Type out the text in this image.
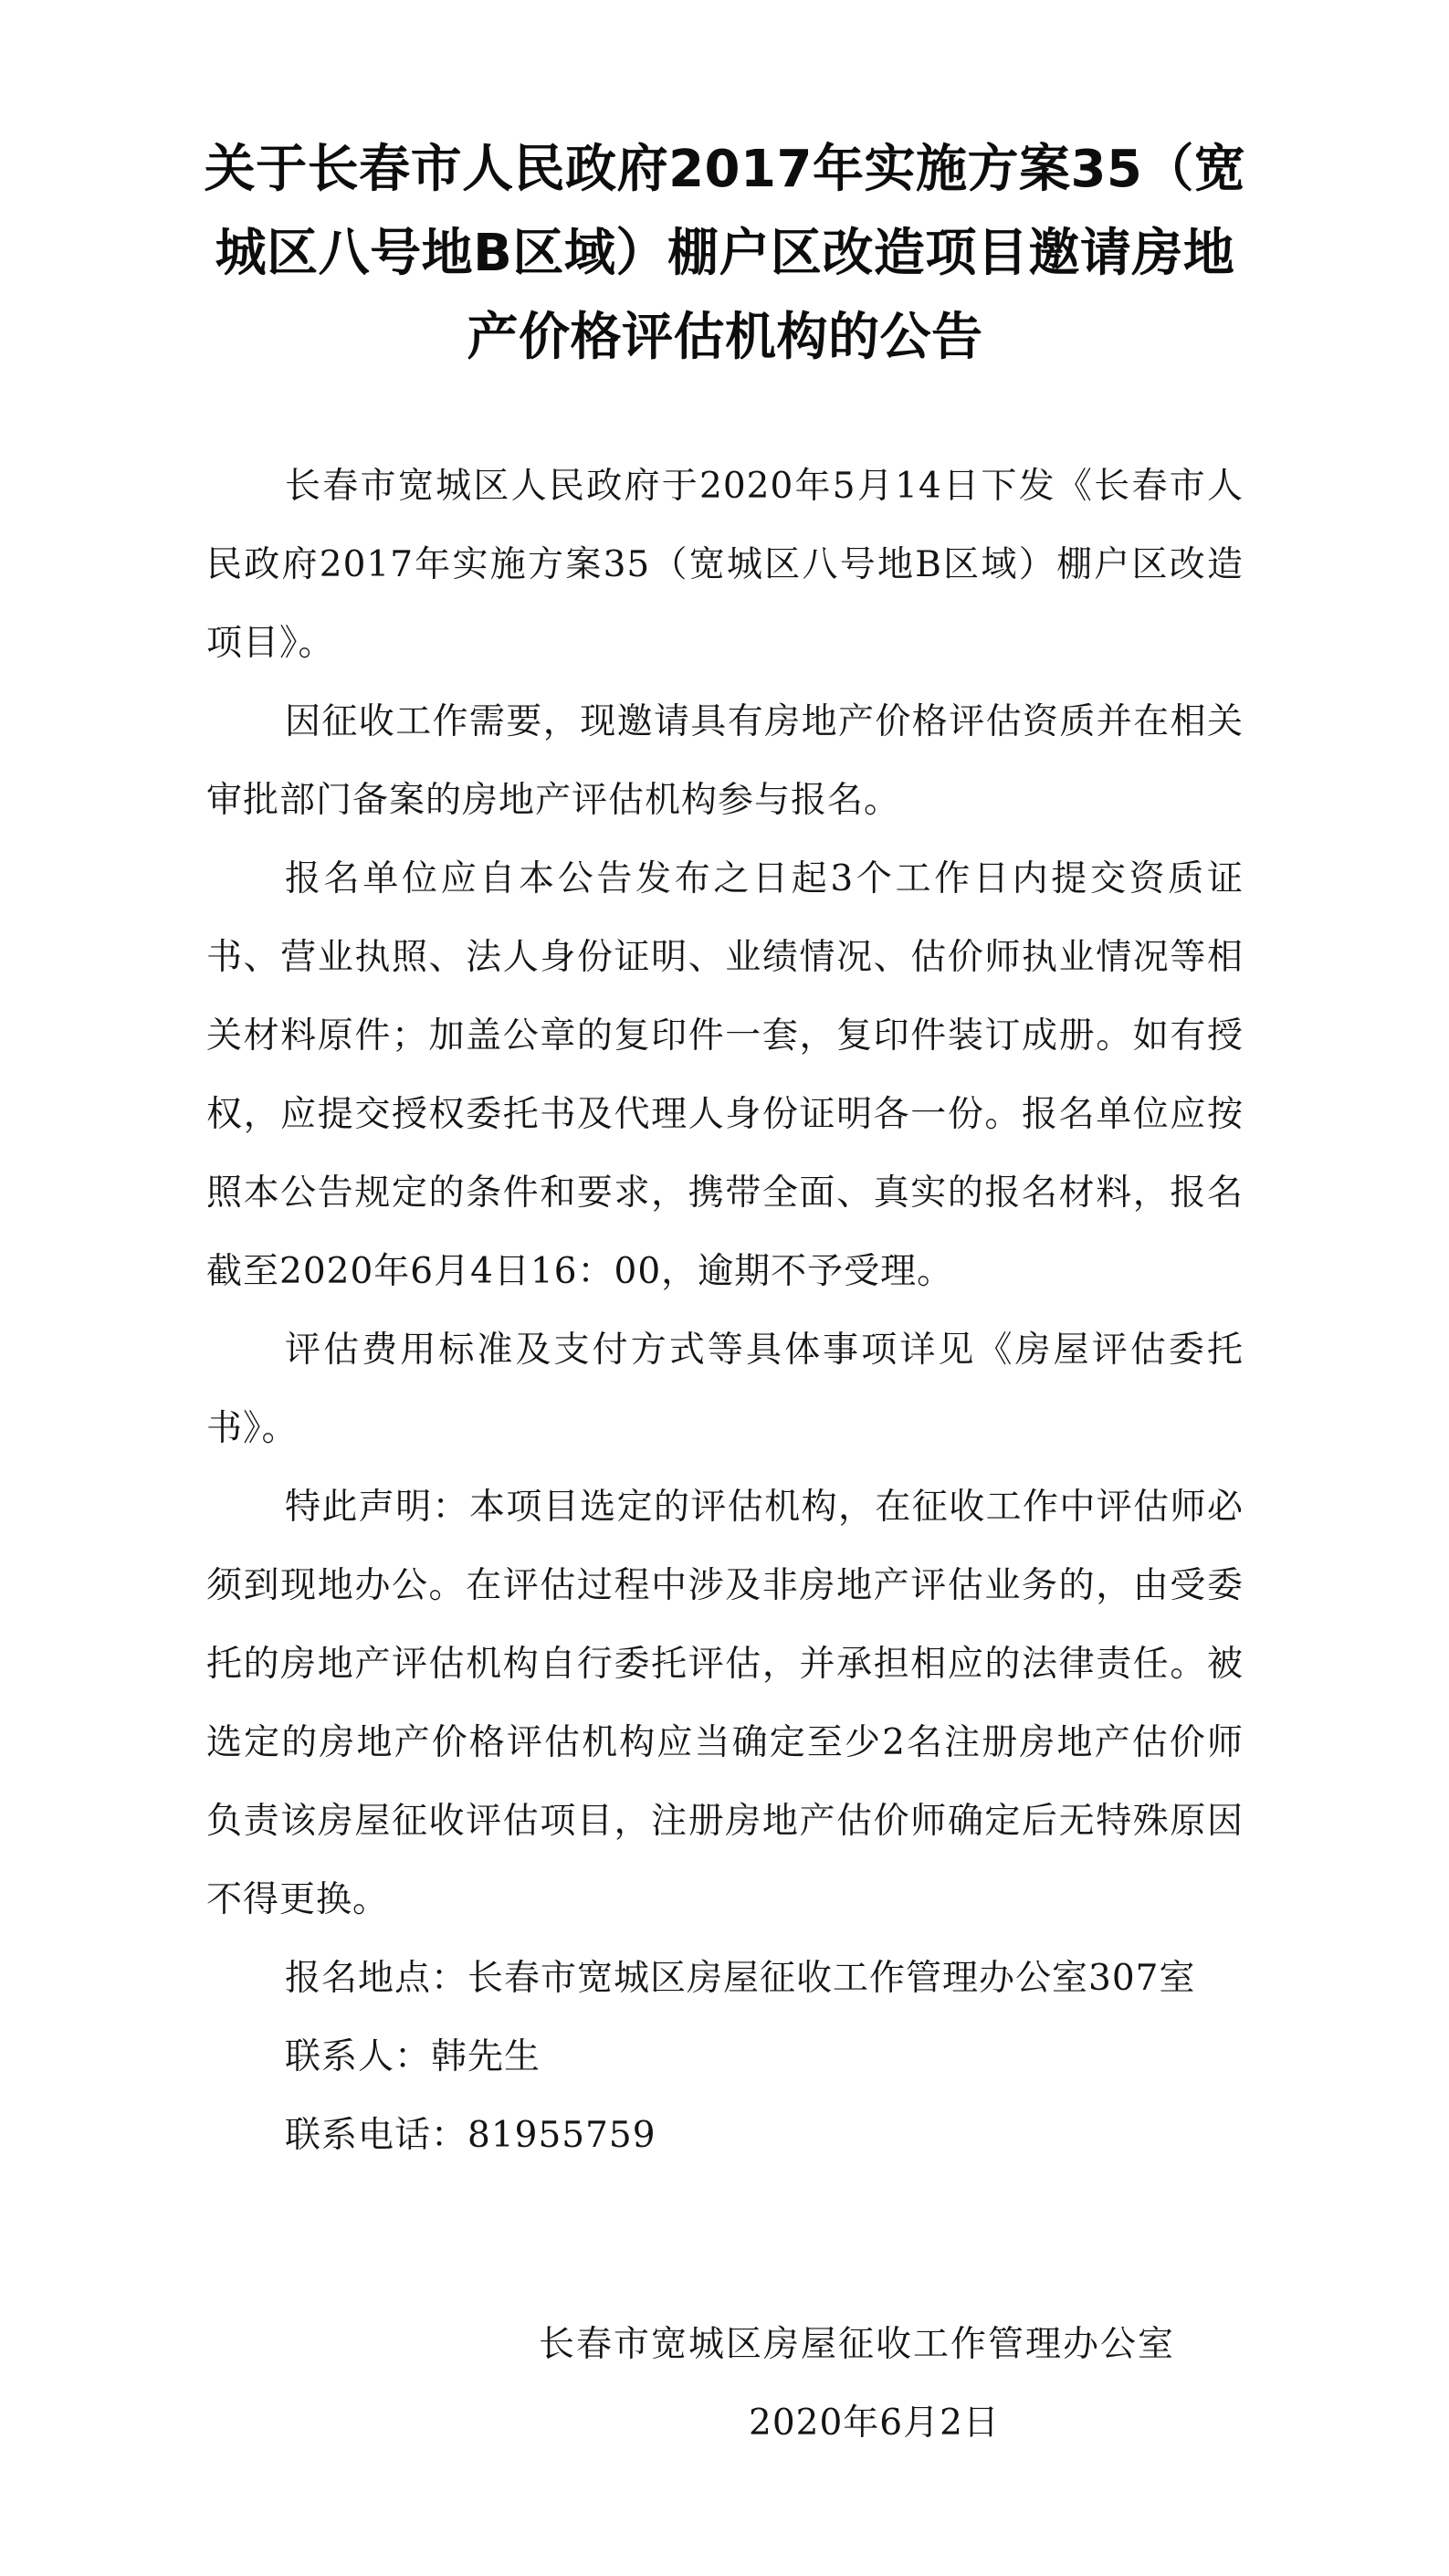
关于长春市人民政府2017年实施方案35（宽城区八号地B区域）棚户区改造项目邀请房地产价格评估机构的公告

长春市宽城区人民政府于2020年5月14日下发《长春市人民政府2017年实施方案35（宽城区八号地B区域）棚户区改造项目》。

因征收工作需要，现邀请具有房地产价格评估资质并在相关审批部门备案的房地产评估机构参与报名。

报名单位应自本公告发布之日起3个工作日内提交资质证书、营业执照、法人身份证明、业绩情况、估价师执业情况等相关材料原件；加盖公章的复印件一套，复印件装订成册。如有授权，应提交授权委托书及代理人身份证明各一份。报名单位应按照本公告规定的条件和要求，携带全面、真实的报名材料，报名截至2020年6月4日16：00，逾期不予受理。

评估费用标准及支付方式等具体事项详见《房屋评估委托书》。

特此声明：本项目选定的评估机构，在征收工作中评估师必须到现地办公。在评估过程中涉及非房地产评估业务的，由受委托的房地产评估机构自行委托评估，并承担相应的法律责任。被选定的房地产价格评估机构应当确定至少2名注册房地产估价师负责该房屋征收评估项目，注册房地产估价师确定后无特殊原因不得更换。

报名地点：长春市宽城区房屋征收工作管理办公室307室

联系人：韩先生

联系电话：81955759

长春市宽城区房屋征收工作管理办公室

2020年6月2日
